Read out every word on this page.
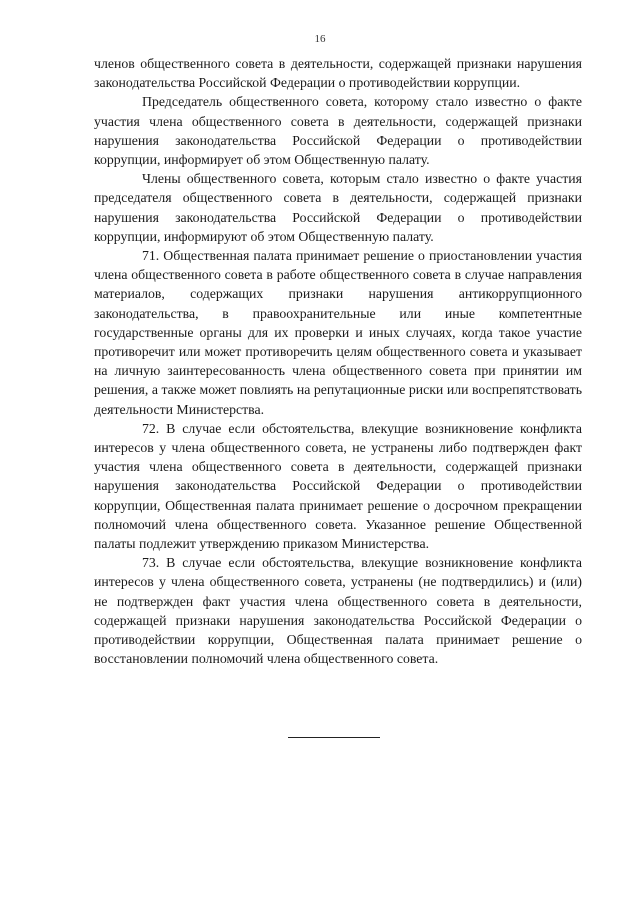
16

членов общественного совета в деятельности, содержащей признаки нарушения законодательства Российской Федерации о противодействии коррупции.

Председатель общественного совета, которому стало известно о факте участия члена общественного совета в деятельности, содержащей признаки нарушения законодательства Российской Федерации о противодействии коррупции, информирует об этом Общественную палату.

Члены общественного совета, которым стало известно о факте участия председателя общественного совета в деятельности, содержащей признаки нарушения законодательства Российской Федерации о противодействии коррупции, информируют об этом Общественную палату.

71. Общественная палата принимает решение о приостановлении участия члена общественного совета в работе общественного совета в случае направления материалов, содержащих признаки нарушения антикоррупционного законодательства, в правоохранительные или иные компетентные государственные органы для их проверки и иных случаях, когда такое участие противоречит или может противоречить целям общественного совета и указывает на личную заинтересованность члена общественного совета при принятии им решения, а также может повлиять на репутационные риски или воспрепятствовать деятельности Министерства.

72. В случае если обстоятельства, влекущие возникновение конфликта интересов у члена общественного совета, не устранены либо подтвержден факт участия члена общественного совета в деятельности, содержащей признаки нарушения законодательства Российской Федерации о противодействии коррупции, Общественная палата принимает решение о досрочном прекращении полномочий члена общественного совета. Указанное решение Общественной палаты подлежит утверждению приказом Министерства.

73. В случае если обстоятельства, влекущие возникновение конфликта интересов у члена общественного совета, устранены (не подтвердились) и (или) не подтвержден факт участия члена общественного совета в деятельности, содержащей признаки нарушения законодательства Российской Федерации о противодействии коррупции, Общественная палата принимает решение о восстановлении полномочий члена общественного совета.
